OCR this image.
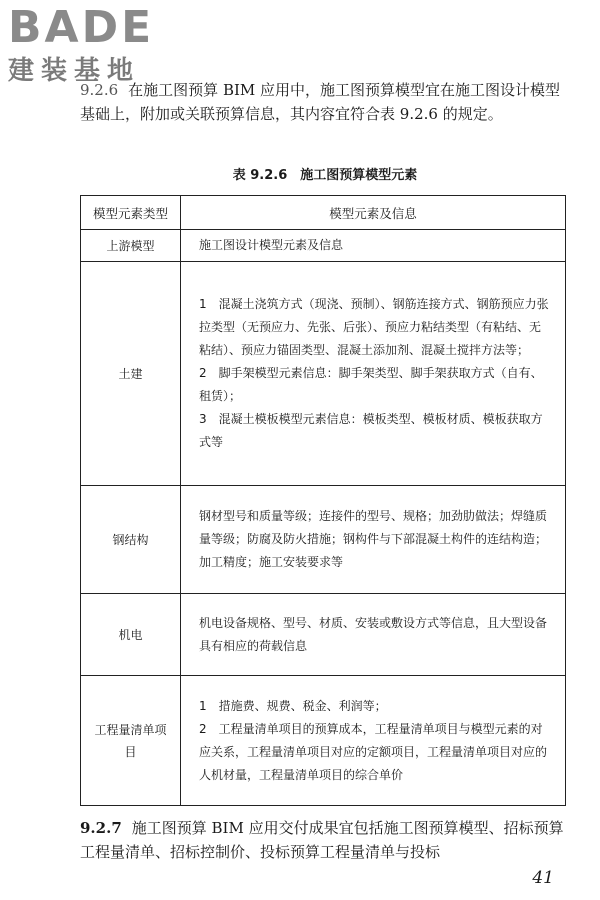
BADE
建装基地
9.2.6 在施工图预算 BIM 应用中，施工图预算模型宜在施工图设计模型基础上，附加或关联预算信息，其内容宜符合表 9.2.6 的规定。
表 9.2.6　施工图预算模型元素
模型元素类型	模型元素及信息
上游模型	施工图设计模型元素及信息

土建	1　混凝土浇筑方式（现浇、预制）、钢筋连接方式、钢筋预应力张拉类型（无预应力、先张、后张）、预应力粘结类型（有粘结、无粘结）、预应力锚固类型、混凝土添加剂、混凝土搅拌方法等；
2　脚手架模型元素信息：脚手架类型、脚手架获取方式（自有、租赁）；
3　混凝土模板模型元素信息：模板类型、模板材质、模板获取方式等

钢结构	钢材型号和质量等级；连接件的型号、规格；加劲肋做法；焊缝质量等级；防腐及防火措施；钢构件与下部混凝土构件的连结构造；加工精度；施工安装要求等

机电	机电设备规格、型号、材质、安装或敷设方式等信息，且大型设备具有相应的荷载信息

工程量清单项目	1　措施费、规费、税金、利润等；
2　工程量清单项目的预算成本，工程量清单项目与模型元素的对应关系，工程量清单项目对应的定额项目，工程量清单项目对应的人机材量，工程量清单项目的综合单价
9.2.7 施工图预算 BIM 应用交付成果宜包括施工图预算模型、招标预算工程量清单、招标控制价、投标预算工程量清单与投标
41
